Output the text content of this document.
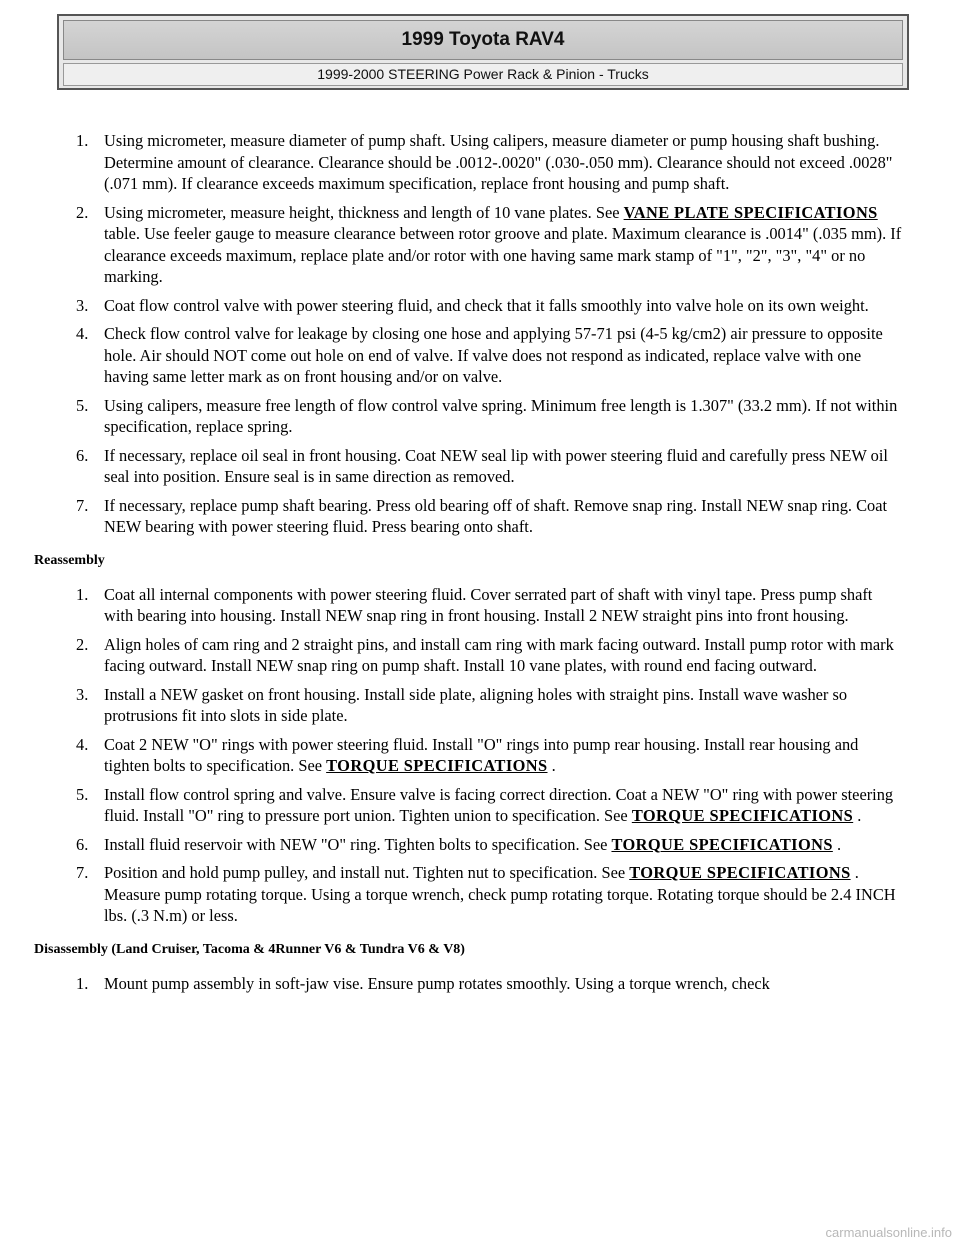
1999 Toyota RAV4
1999-2000 STEERING Power Rack & Pinion - Trucks
1. Using micrometer, measure diameter of pump shaft. Using calipers, measure diameter or pump housing shaft bushing. Determine amount of clearance. Clearance should be .0012-.0020" (.030-.050 mm). Clearance should not exceed .0028" (.071 mm). If clearance exceeds maximum specification, replace front housing and pump shaft.
2. Using micrometer, measure height, thickness and length of 10 vane plates. See VANE PLATE SPECIFICATIONS table. Use feeler gauge to measure clearance between rotor groove and plate. Maximum clearance is .0014" (.035 mm). If clearance exceeds maximum, replace plate and/or rotor with one having same mark stamp of "1", "2", "3", "4" or no marking.
3. Coat flow control valve with power steering fluid, and check that it falls smoothly into valve hole on its own weight.
4. Check flow control valve for leakage by closing one hose and applying 57-71 psi (4-5 kg/cm2) air pressure to opposite hole. Air should NOT come out hole on end of valve. If valve does not respond as indicated, replace valve with one having same letter mark as on front housing and/or on valve.
5. Using calipers, measure free length of flow control valve spring. Minimum free length is 1.307" (33.2 mm). If not within specification, replace spring.
6. If necessary, replace oil seal in front housing. Coat NEW seal lip with power steering fluid and carefully press NEW oil seal into position. Ensure seal is in same direction as removed.
7. If necessary, replace pump shaft bearing. Press old bearing off of shaft. Remove snap ring. Install NEW snap ring. Coat NEW bearing with power steering fluid. Press bearing onto shaft.
Reassembly
1. Coat all internal components with power steering fluid. Cover serrated part of shaft with vinyl tape. Press pump shaft with bearing into housing. Install NEW snap ring in front housing. Install 2 NEW straight pins into front housing.
2. Align holes of cam ring and 2 straight pins, and install cam ring with mark facing outward. Install pump rotor with mark facing outward. Install NEW snap ring on pump shaft. Install 10 vane plates, with round end facing outward.
3. Install a NEW gasket on front housing. Install side plate, aligning holes with straight pins. Install wave washer so protrusions fit into slots in side plate.
4. Coat 2 NEW "O" rings with power steering fluid. Install "O" rings into pump rear housing. Install rear housing and tighten bolts to specification. See TORQUE SPECIFICATIONS .
5. Install flow control spring and valve. Ensure valve is facing correct direction. Coat a NEW "O" ring with power steering fluid. Install "O" ring to pressure port union. Tighten union to specification. See TORQUE SPECIFICATIONS .
6. Install fluid reservoir with NEW "O" ring. Tighten bolts to specification. See TORQUE SPECIFICATIONS .
7. Position and hold pump pulley, and install nut. Tighten nut to specification. See TORQUE SPECIFICATIONS . Measure pump rotating torque. Using a torque wrench, check pump rotating torque. Rotating torque should be 2.4 INCH lbs. (.3 N.m) or less.
Disassembly (Land Cruiser, Tacoma & 4Runner V6 & Tundra V6 & V8)
1. Mount pump assembly in soft-jaw vise. Ensure pump rotates smoothly. Using a torque wrench, check
carmanualsonline.info
